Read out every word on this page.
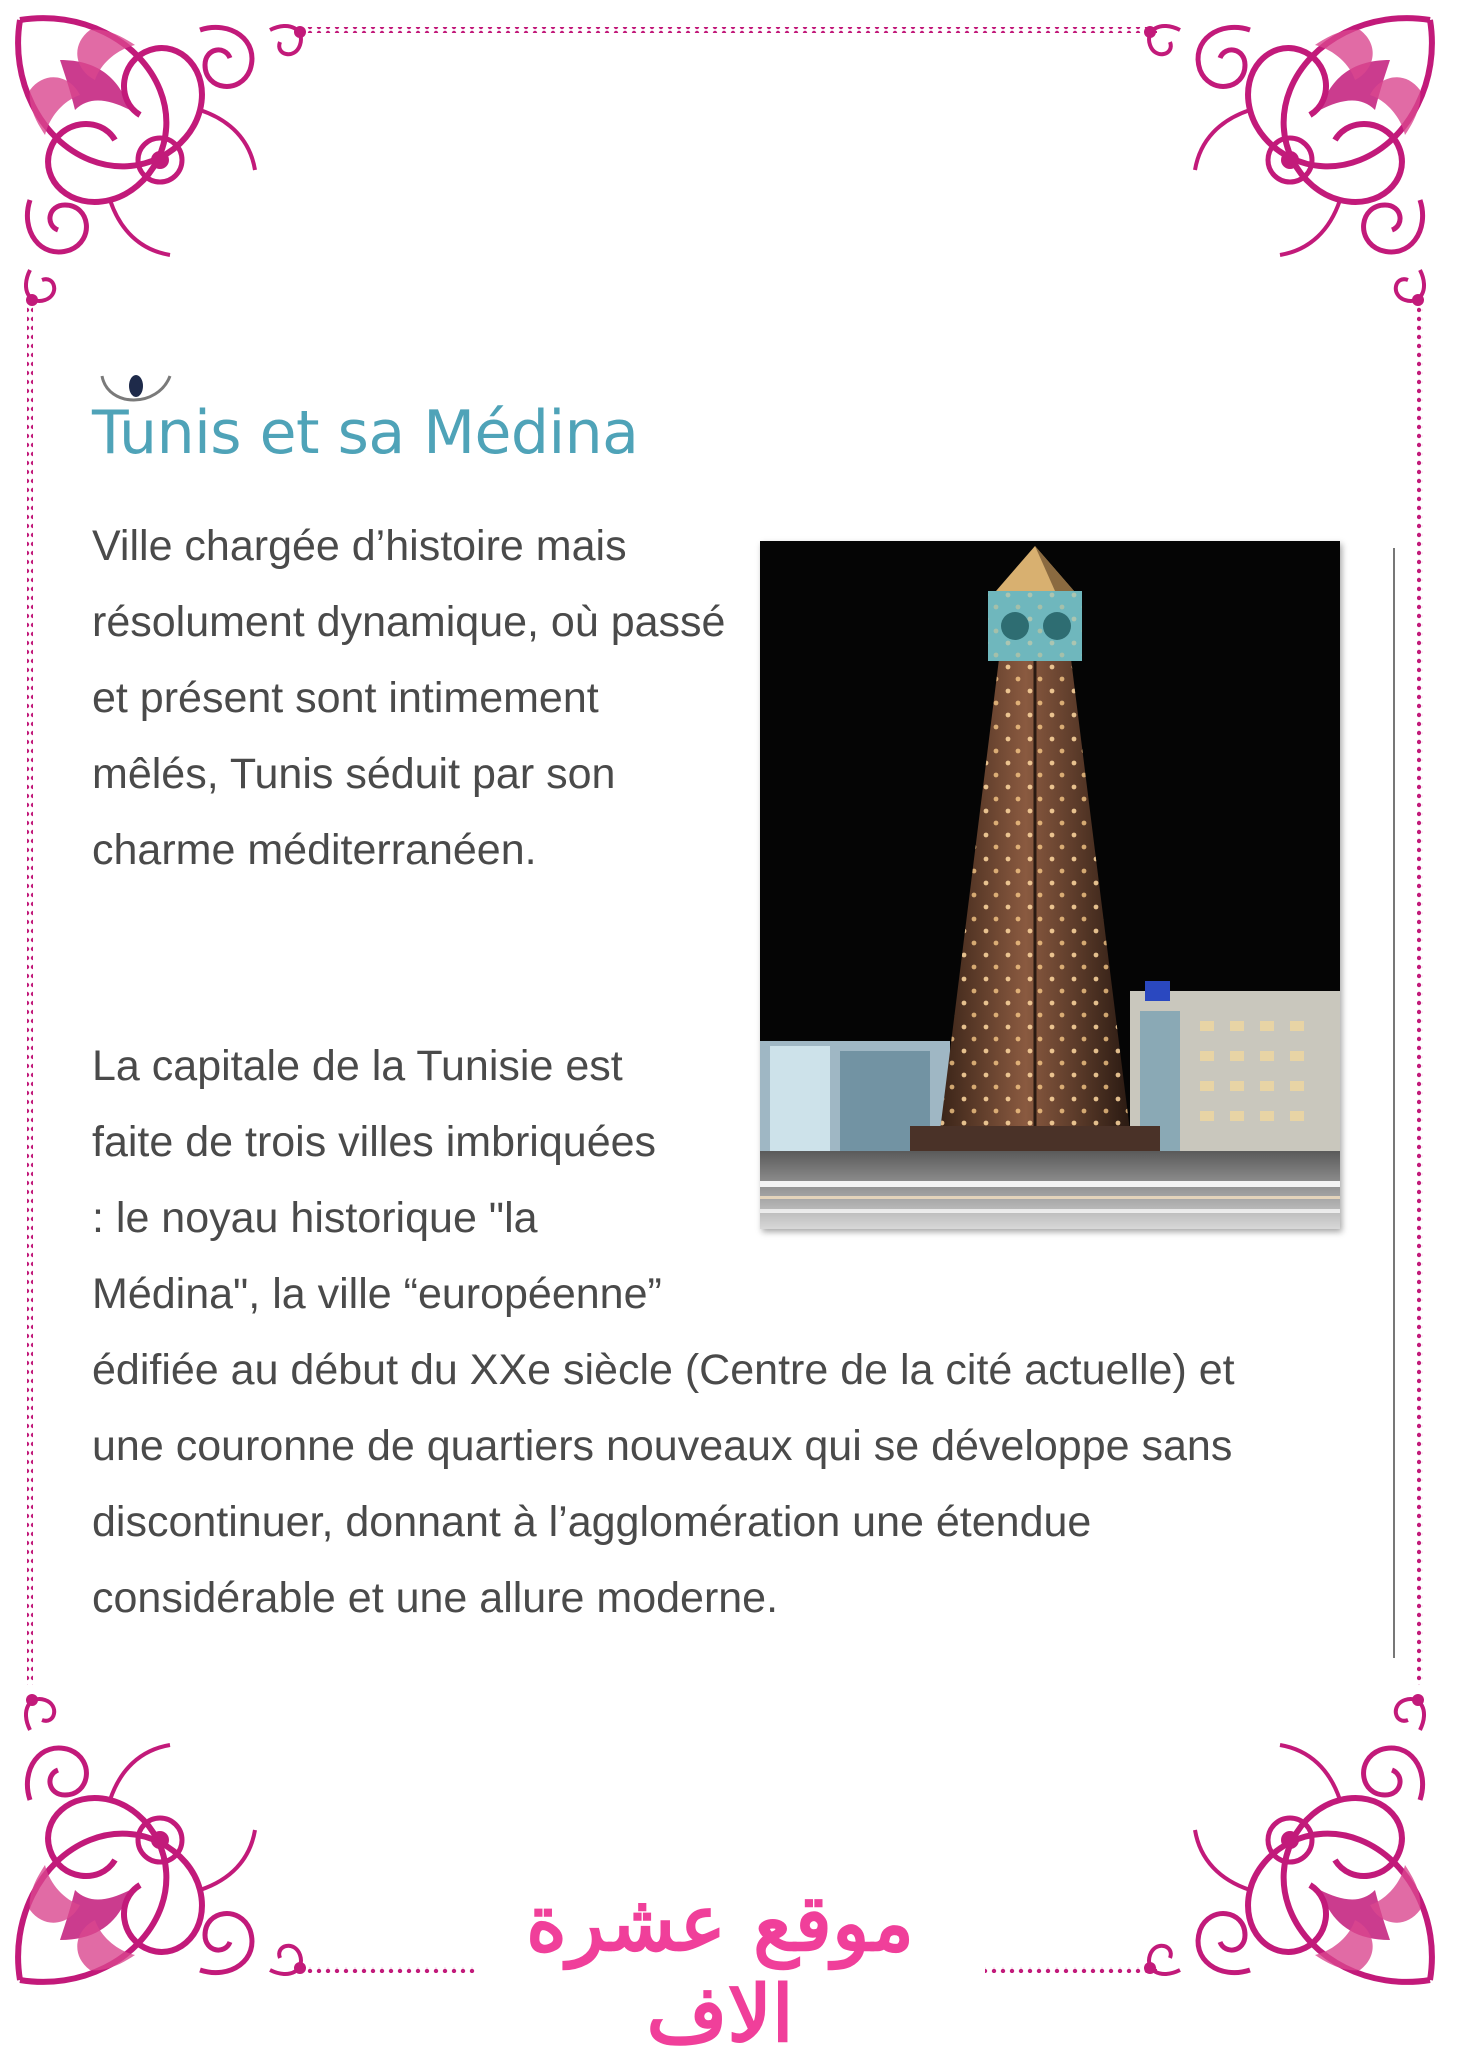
Tunis et sa Médina
Ville chargée d’histoire mais résolument dynamique, où passé et présent sont intimement mêlés, Tunis séduit par son charme méditerranéen.
La capitale de la Tunisie est
faite de trois villes imbriquées
: le noyau historique "la
Médina", la ville “européenne”
édifiée au début du XXe siècle (Centre de la cité actuelle) et
une couronne de quartiers nouveaux qui se développe sans
discontinuer, donnant à l’agglomération une étendue
considérable et une allure moderne.
موقع عشرة الاف
